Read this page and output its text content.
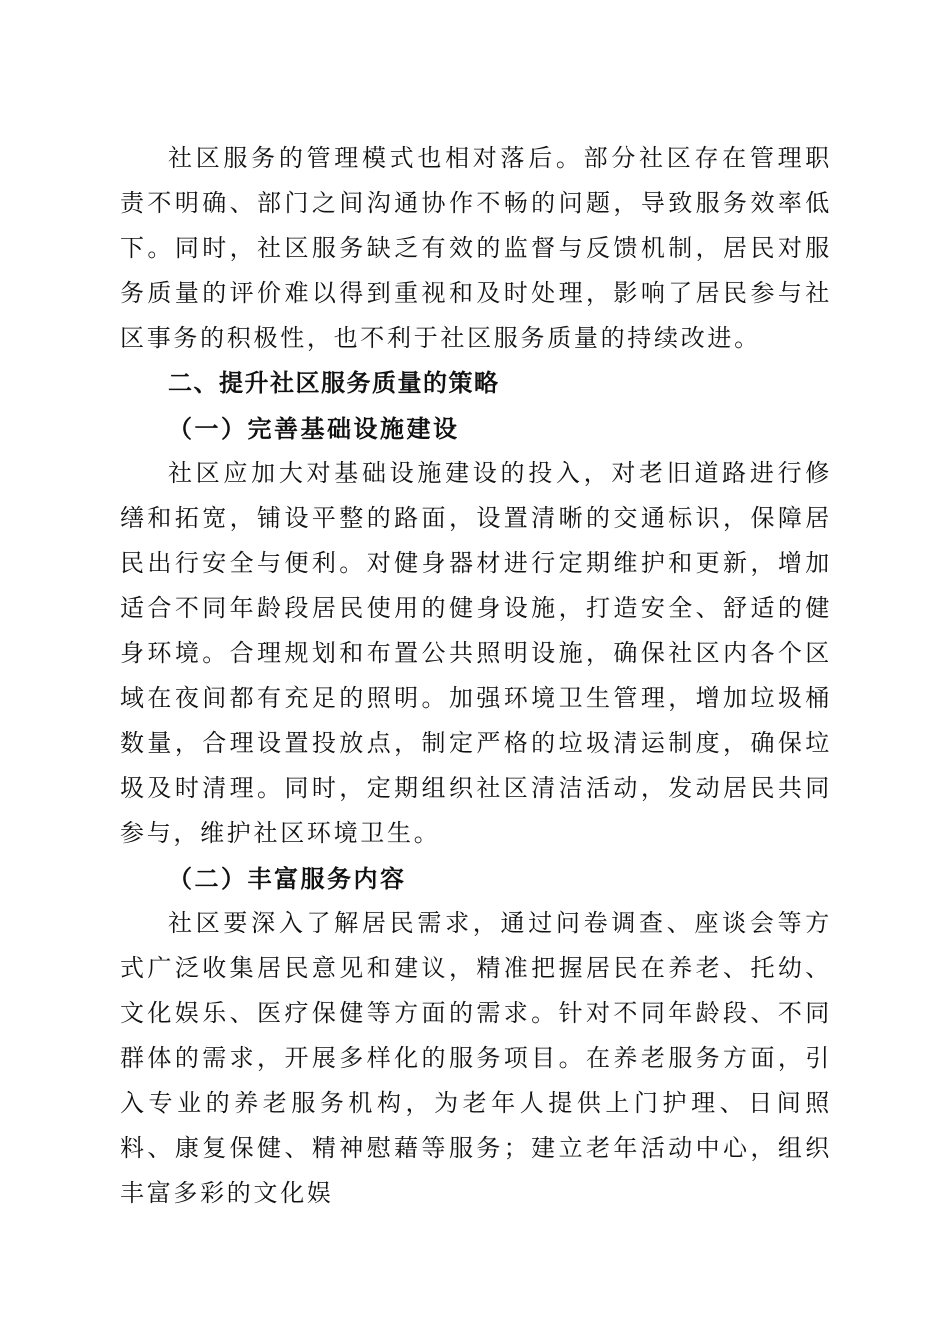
社区服务的管理模式也相对落后。部分社区存在管理职责不明确、部门之间沟通协作不畅的问题，导致服务效率低下。同时，社区服务缺乏有效的监督与反馈机制，居民对服务质量的评价难以得到重视和及时处理，影响了居民参与社区事务的积极性，也不利于社区服务质量的持续改进。

二、提升社区服务质量的策略

（一）完善基础设施建设

社区应加大对基础设施建设的投入，对老旧道路进行修缮和拓宽，铺设平整的路面，设置清晰的交通标识，保障居民出行安全与便利。对健身器材进行定期维护和更新，增加适合不同年龄段居民使用的健身设施，打造安全、舒适的健身环境。合理规划和布置公共照明设施，确保社区内各个区域在夜间都有充足的照明。加强环境卫生管理，增加垃圾桶数量，合理设置投放点，制定严格的垃圾清运制度，确保垃圾及时清理。同时，定期组织社区清洁活动，发动居民共同参与，维护社区环境卫生。

（二）丰富服务内容

社区要深入了解居民需求，通过问卷调查、座谈会等方式广泛收集居民意见和建议，精准把握居民在养老、托幼、文化娱乐、医疗保健等方面的需求。针对不同年龄段、不同群体的需求，开展多样化的服务项目。在养老服务方面，引入专业的养老服务机构，为老年人提供上门护理、日间照料、康复保健、精神慰藉等服务；建立老年活动中心，组织丰富多彩的文化娱
